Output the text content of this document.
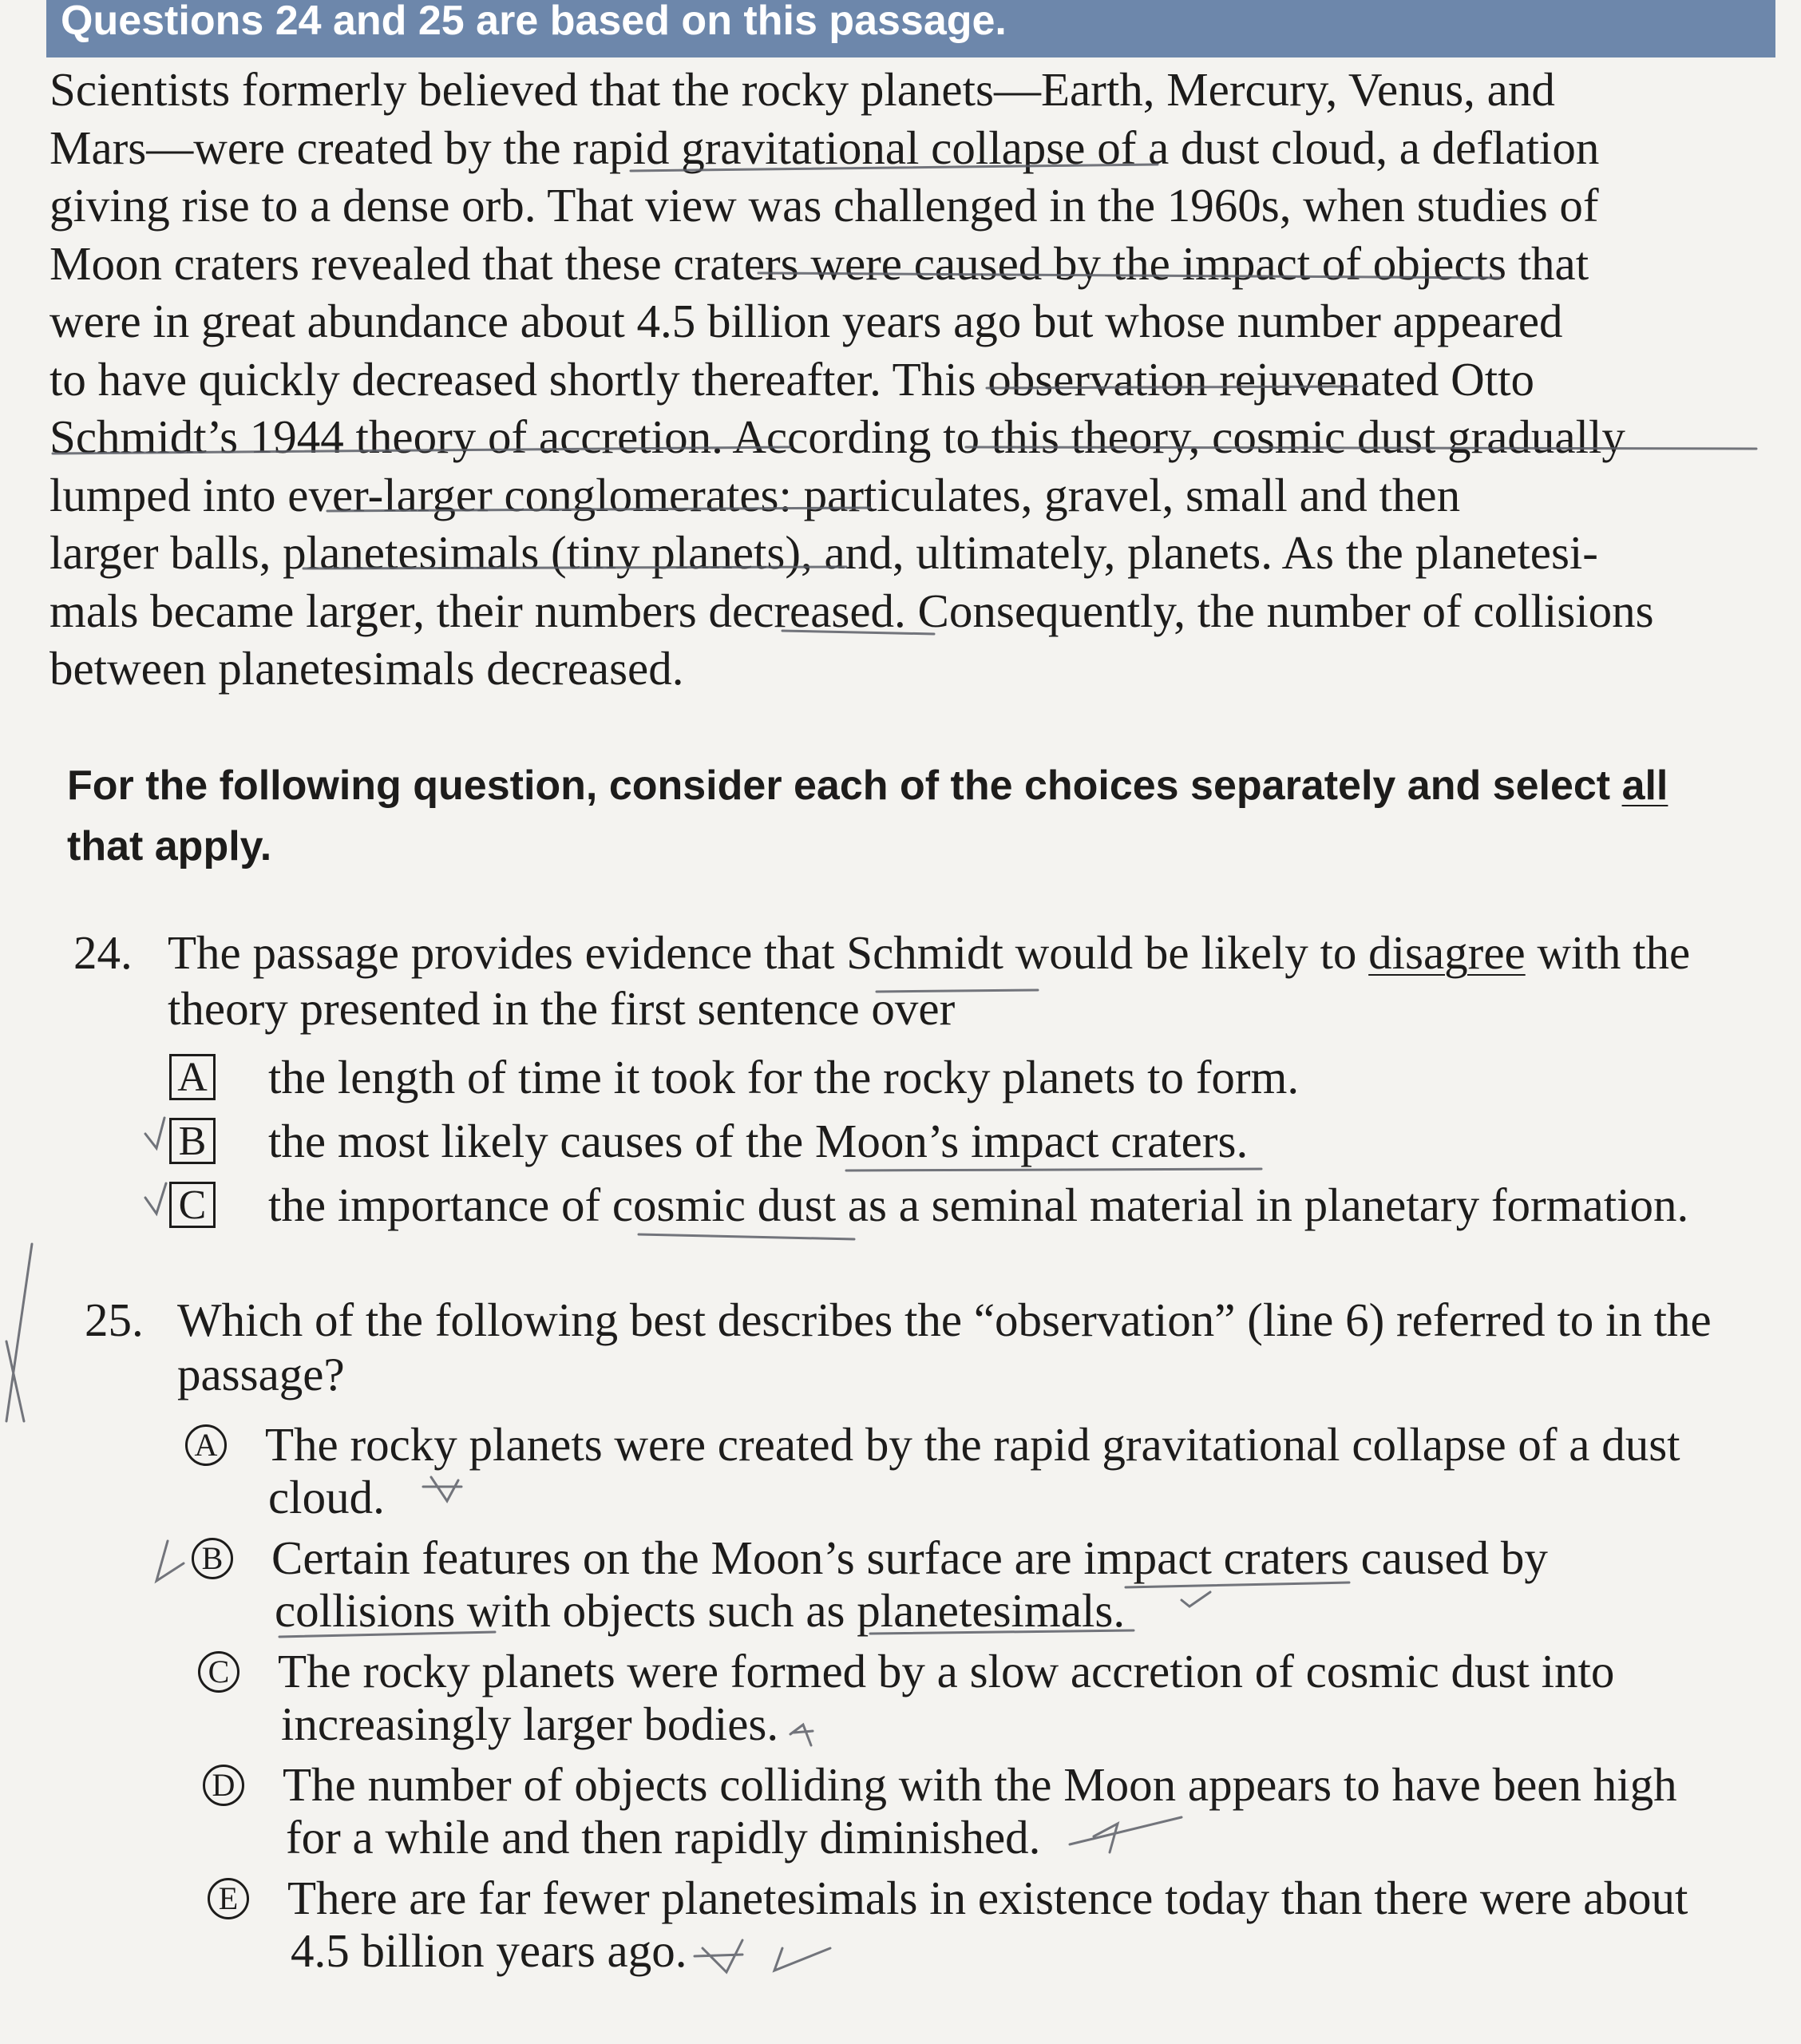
Questions 24 and 25 are based on this passage.
Scientists formerly believed that the rocky planets—Earth, Mercury, Venus, and
Mars—were created by the rapid gravitational collapse of a dust cloud, a deflation
giving rise to a dense orb. That view was challenged in the 1960s, when studies of
Moon craters revealed that these craters were caused by the impact of objects that
were in great abundance about 4.5 billion years ago but whose number appeared
to have quickly decreased shortly thereafter. This observation rejuvenated Otto
Schmidt’s 1944 theory of accretion. According to this theory, cosmic dust gradually
lumped into ever-larger conglomerates: particulates, gravel, small and then
larger balls, planetesimals (tiny planets), and, ultimately, planets. As the planetesi-
mals became larger, their numbers decreased. Consequently, the number of collisions
between planetesimals decreased.
For the following question, consider each of the choices separately and select all that apply.
24. The passage provides evidence that Schmidt would be likely to disagree with the
theory presented in the first sentence over
A the length of time it took for the rocky planets to form.
B the most likely causes of the Moon’s impact craters.
C the importance of cosmic dust as a seminal material in planetary formation.
25. Which of the following best describes the “observation” (line 6) referred to in the
passage?
A The rocky planets were created by the rapid gravitational collapse of a dust
cloud.
B Certain features on the Moon’s surface are impact craters caused by
collisions with objects such as planetesimals.
C The rocky planets were formed by a slow accretion of cosmic dust into
increasingly larger bodies.
D The number of objects colliding with the Moon appears to have been high
for a while and then rapidly diminished.
E There are far fewer planetesimals in existence today than there were about
4.5 billion years ago.
